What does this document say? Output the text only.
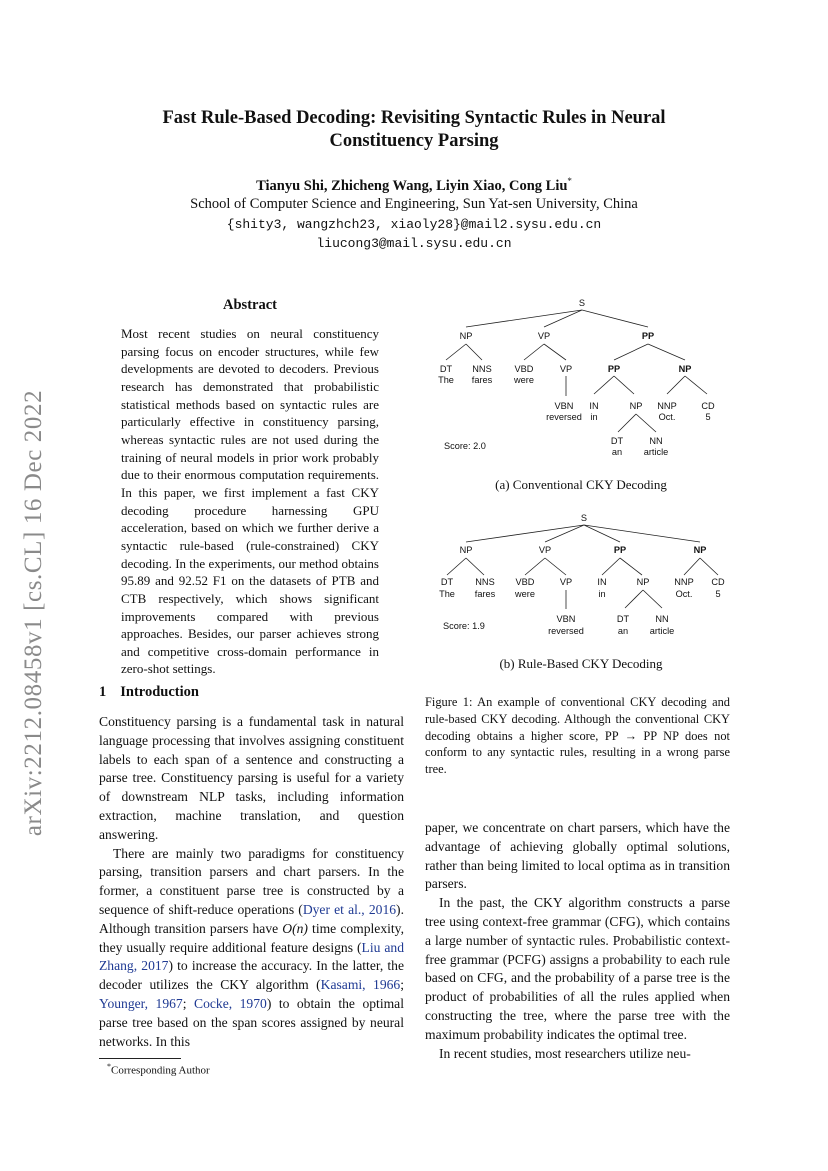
arXiv:2212.08458v1 [cs.CL] 16 Dec 2022
Fast Rule-Based Decoding: Revisiting Syntactic Rules in Neural
Constituency Parsing
Tianyu Shi, Zhicheng Wang, Liyin Xiao, Cong Liu*
School of Computer Science and Engineering, Sun Yat-sen University, China
{shity3, wangzhch23, xiaoly28}@mail2.sysu.edu.cn
liucong3@mail.sysu.edu.cn
Abstract
Most recent studies on neural constituency parsing focus on encoder structures, while few developments are devoted to decoders. Previous research has demonstrated that probabilistic statistical methods based on syntactic rules are particularly effective in constituency parsing, whereas syntactic rules are not used during the training of neural models in prior work probably due to their enormous computation requirements. In this paper, we first implement a fast CKY decoding procedure harnessing GPU acceleration, based on which we further derive a syntactic rule-based (rule-constrained) CKY decoding. In the experiments, our method obtains 95.89 and 92.52 F1 on the datasets of PTB and CTB respectively, which shows significant improvements compared with previous approaches. Besides, our parser achieves strong and competitive cross-domain performance in zero-shot settings.
1 Introduction

Constituency parsing is a fundamental task in natural language processing that involves assigning constituent labels to each span of a sentence and constructing a parse tree. Constituency parsing is useful for a variety of downstream NLP tasks, including information extraction, machine translation, and question answering.

There are mainly two paradigms for constituency parsing, transition parsers and chart parsers. In the former, a constituent parse tree is constructed by a sequence of shift-reduce operations (Dyer et al., 2016). Although transition parsers have O(n) time complexity, they usually require additional feature designs (Liu and Zhang, 2017) to increase the accuracy. In the latter, the decoder utilizes the CKY algorithm (Kasami, 1966; Younger, 1967; Cocke, 1970) to obtain the optimal parse tree based on the span scores assigned by neural networks. In this

*Corresponding Author
S
NP	VP	PP
DT
The
NNS
fares
VBD
were
VP	PP	NP
VBN
reversed
IN
in
NP NNP
Oct.
CD
5
DT
an
NN
article
Score: 2.0
(a) Conventional CKY Decoding
S
NP	VP	PP	NP
DT
The
NNS
fares
VBD
were
VP	IN
in
NP	NNP
Oct.
CD
5
VBN
reversed
DT
an
NN
article
Score: 1.9
(b) Rule-Based CKY Decoding
Figure 1: An example of conventional CKY decoding and rule-based CKY decoding. Although the conventional CKY decoding obtains a higher score, PP → PP NP does not conform to any syntactic rules, resulting in a wrong parse tree.

paper, we concentrate on chart parsers, which have the advantage of achieving globally optimal solutions, rather than being limited to local optima as in transition parsers.

In the past, the CKY algorithm constructs a parse tree using context-free grammar (CFG), which contains a large number of syntactic rules. Probabilistic context-free grammar (PCFG) assigns a probability to each rule based on CFG, and the probability of a parse tree is the product of probabilities of all the rules applied when constructing the tree, where the parse tree with the maximum probability indicates the optimal tree.

In recent studies, most researchers utilize neu-
